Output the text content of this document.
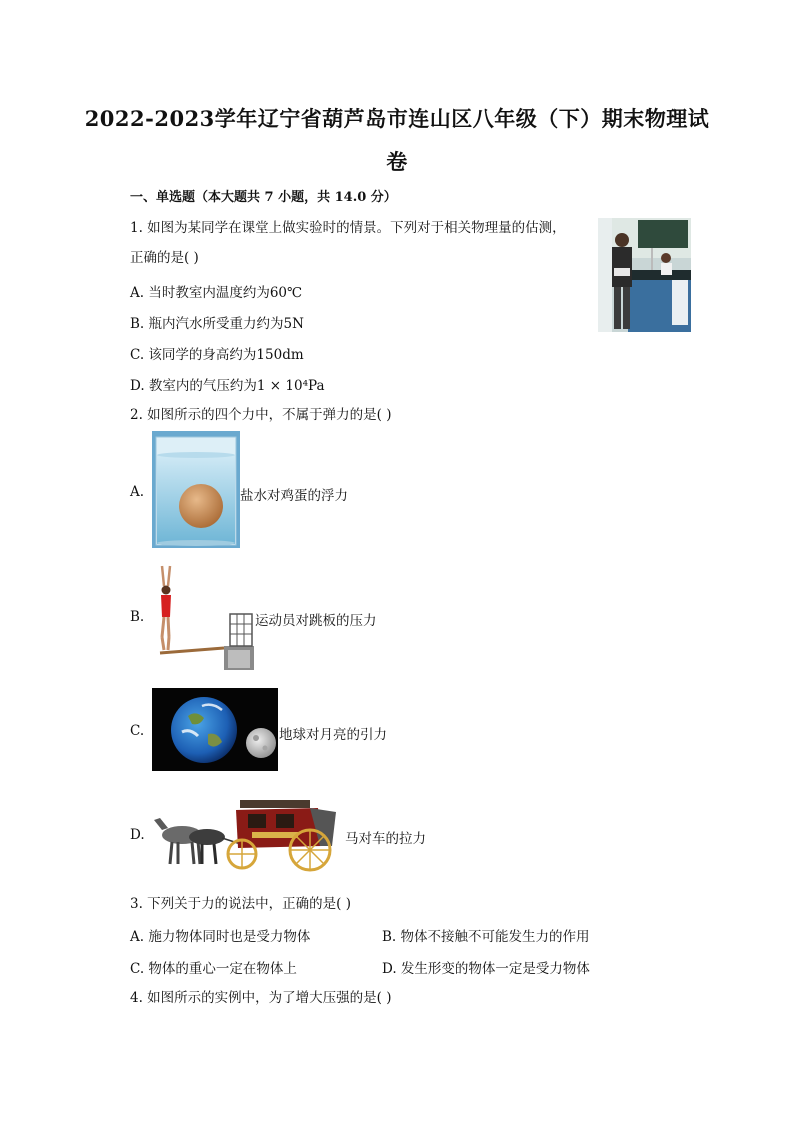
2022-2023学年辽宁省葫芦岛市连山区八年级（下）期末物理试
卷
一、单选题（本大题共 7 小题，共 14.0 分）
1. 如图为某同学在课堂上做实验时的情景。下列对于相关物理量的估测，
正确的是( )
A. 当时教室内温度约为60℃
B. 瓶内汽水所受重力约为5N
C. 该同学的身高约为150dm
D. 教室内的气压约为1 × 10⁴Pa
2. 如图所示的四个力中，不属于弹力的是( )
A.	盐水对鸡蛋的浮力
B.	运动员对跳板的压力
C.	地球对月亮的引力
D.	马对车的拉力
3. 下列关于力的说法中，正确的是( )
A. 施力物体同时也是受力物体	B. 物体不接触不可能发生力的作用
C. 物体的重心一定在物体上	D. 发生形变的物体一定是受力物体
4. 如图所示的实例中，为了增大压强的是( )
